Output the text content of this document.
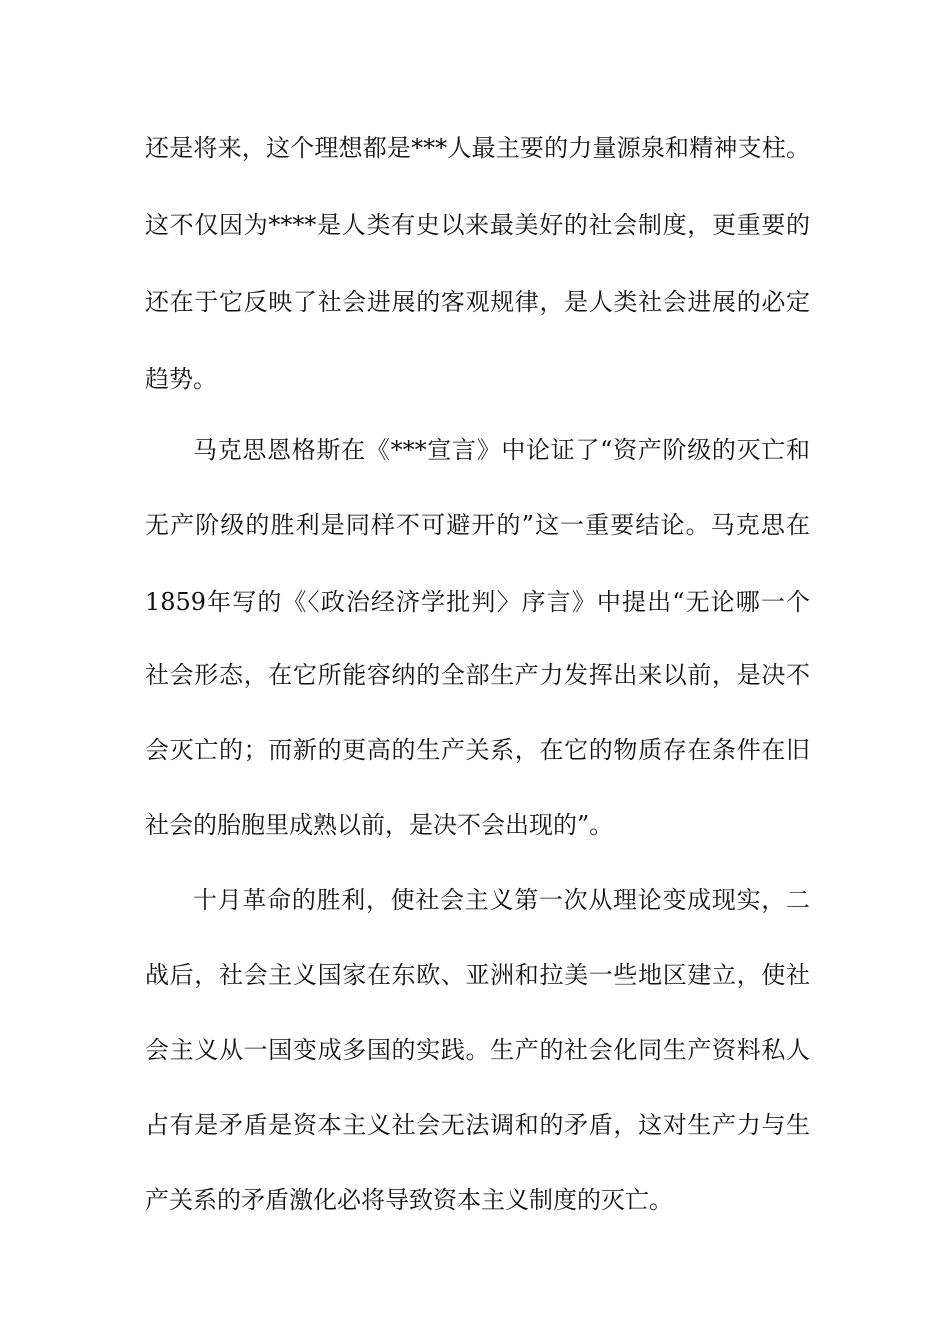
还是将来，这个理想都是***人最主要的力量源泉和精神支柱。
这不仅因为****是人类有史以来最美好的社会制度，更重要的
还在于它反映了社会进展的客观规律，是人类社会进展的必定
趋势。
马克思恩格斯在《***宣言》中论证了“资产阶级的灭亡和
无产阶级的胜利是同样不可避开的”这一重要结论。马克思在
1859年写的《〈政治经济学批判〉序言》中提出“无论哪一个
社会形态，在它所能容纳的全部生产力发挥出来以前，是决不
会灭亡的；而新的更高的生产关系，在它的物质存在条件在旧
社会的胎胞里成熟以前，是决不会出现的”。
十月革命的胜利，使社会主义第一次从理论变成现实，二
战后，社会主义国家在东欧、亚洲和拉美一些地区建立，使社
会主义从一国变成多国的实践。生产的社会化同生产资料私人
占有是矛盾是资本主义社会无法调和的矛盾，这对生产力与生
产关系的矛盾激化必将导致资本主义制度的灭亡。
